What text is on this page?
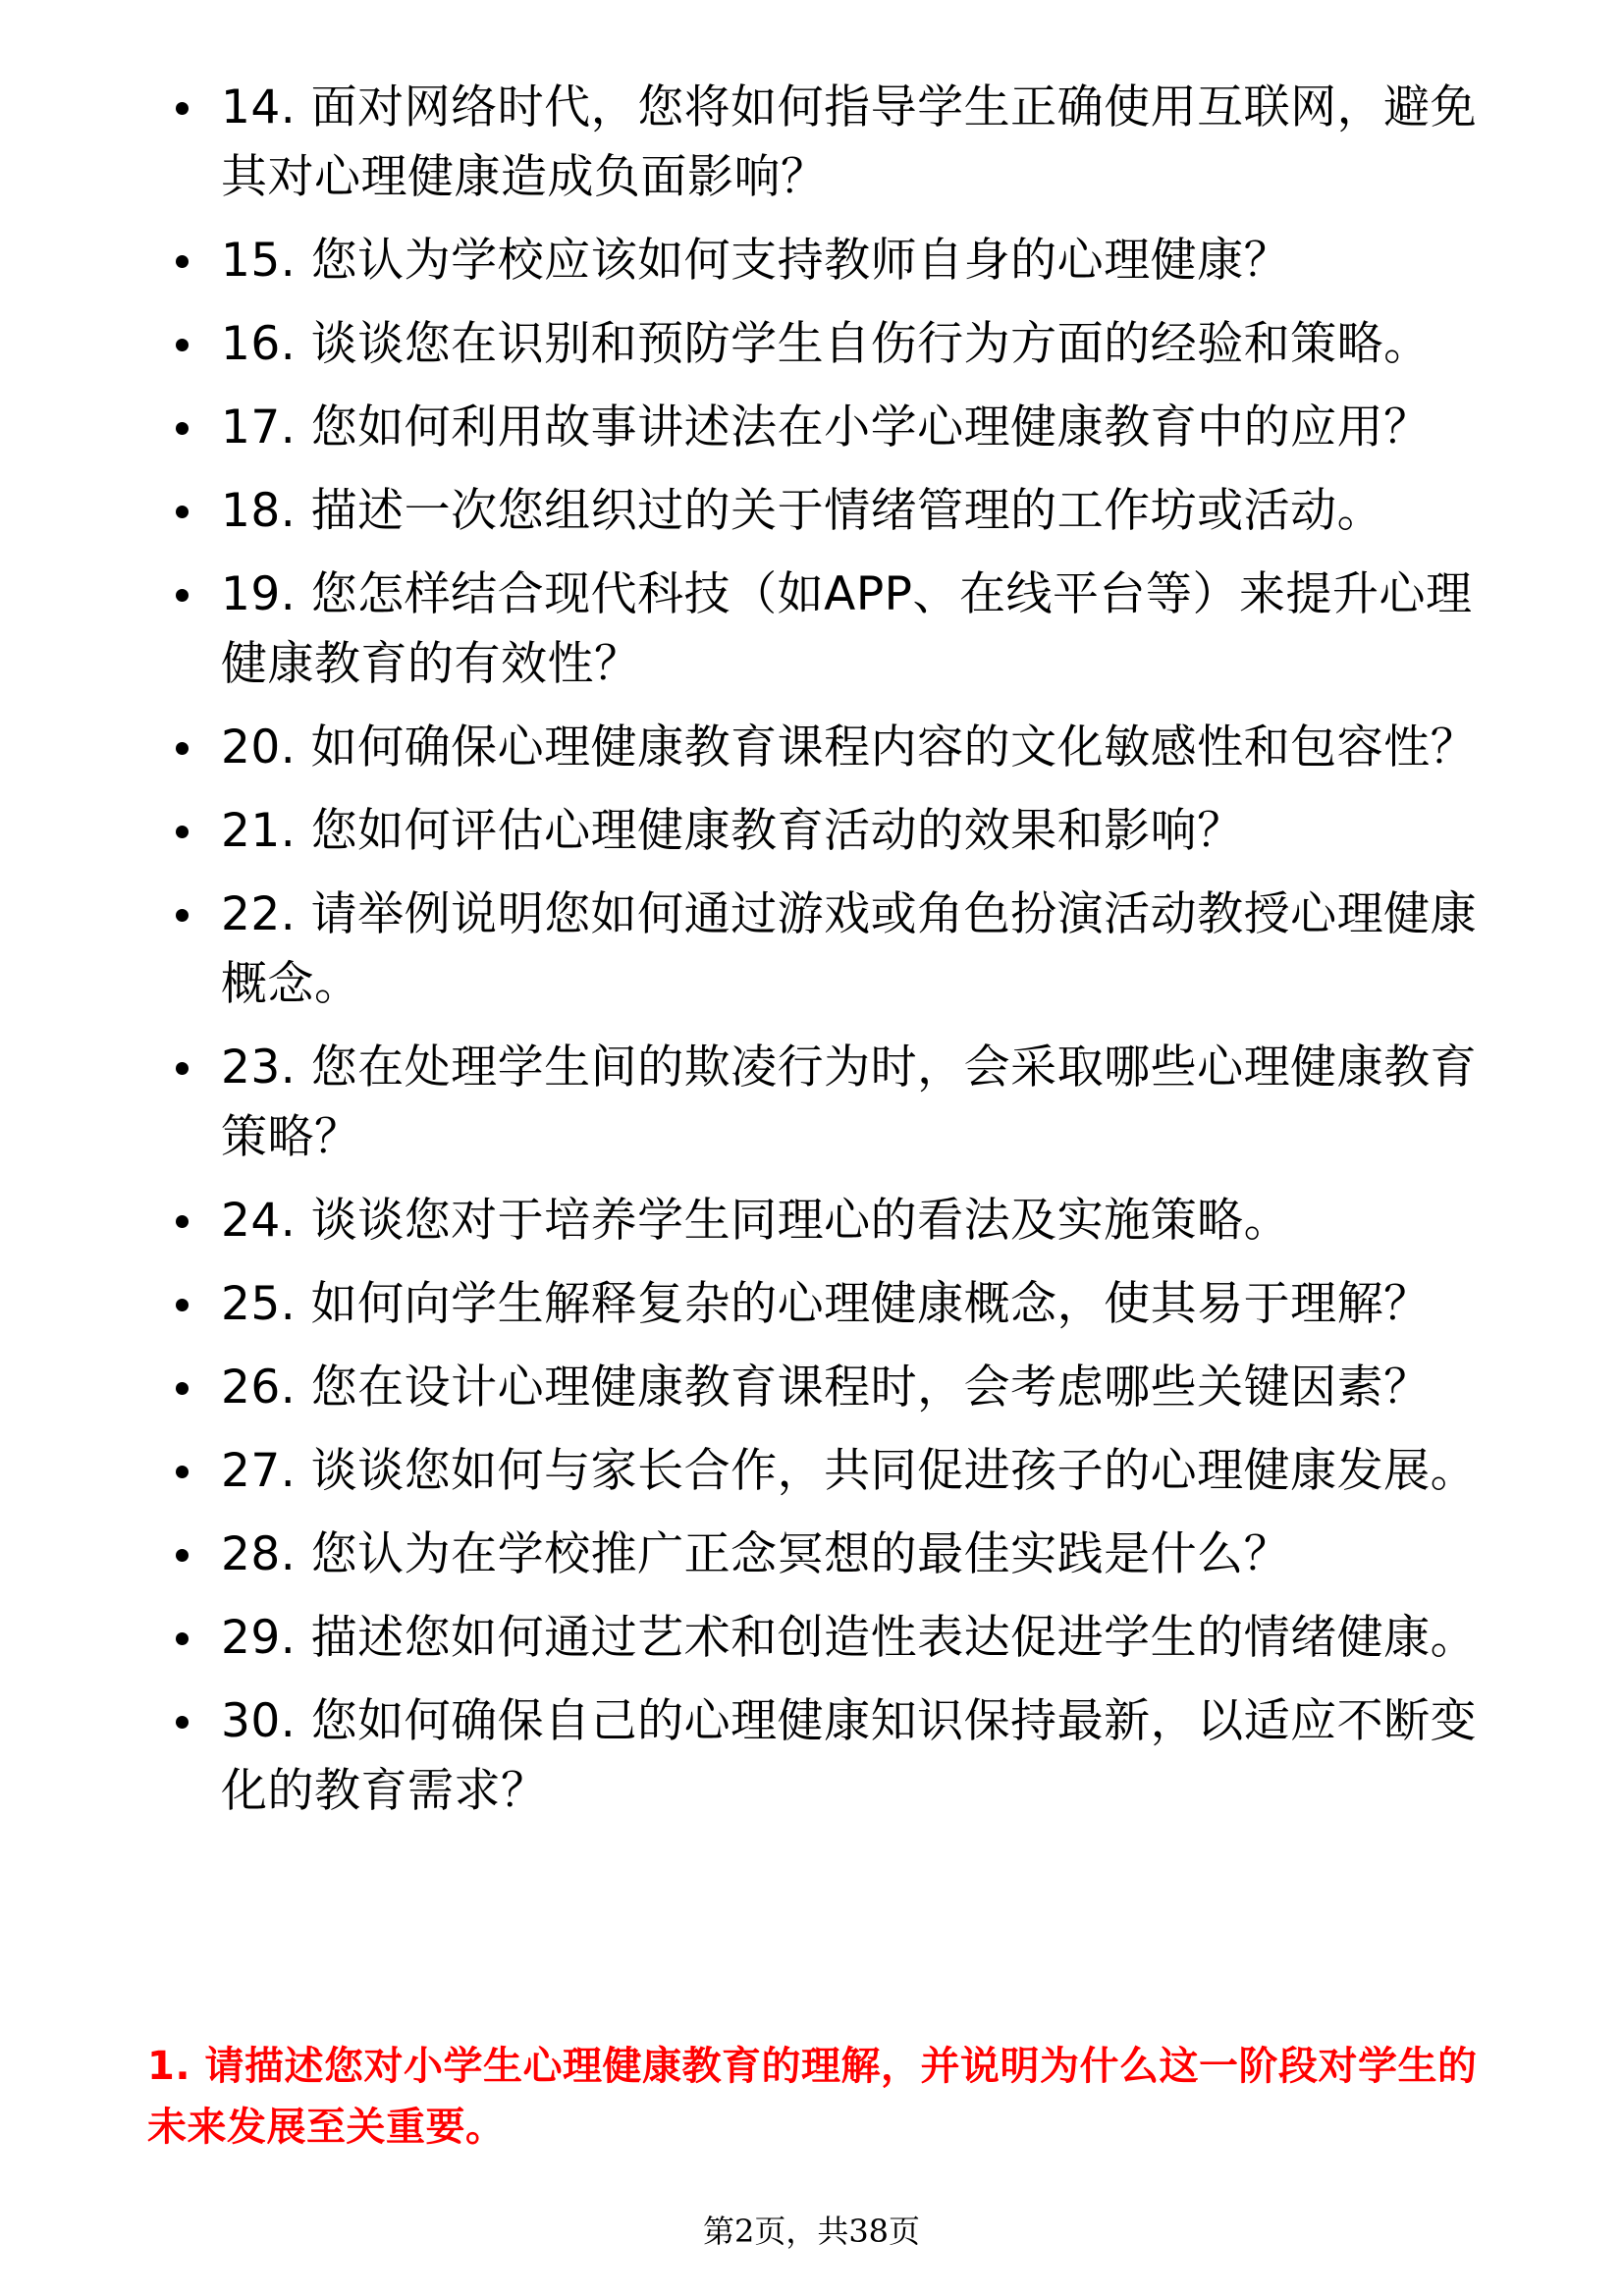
14. 面对网络时代，您将如何指导学生正确使用互联网，避免其对心理健康造成负面影响？
15. 您认为学校应该如何支持教师自身的心理健康？
16. 谈谈您在识别和预防学生自伤行为方面的经验和策略。
17. 您如何利用故事讲述法在小学心理健康教育中的应用？
18. 描述一次您组织过的关于情绪管理的工作坊或活动。
19. 您怎样结合现代科技（如APP、在线平台等）来提升心理健康教育的有效性？
20. 如何确保心理健康教育课程内容的文化敏感性和包容性？
21. 您如何评估心理健康教育活动的效果和影响？
22. 请举例说明您如何通过游戏或角色扮演活动教授心理健康概念。
23. 您在处理学生间的欺凌行为时，会采取哪些心理健康教育策略？
24. 谈谈您对于培养学生同理心的看法及实施策略。
25. 如何向学生解释复杂的心理健康概念，使其易于理解？
26. 您在设计心理健康教育课程时，会考虑哪些关键因素？
27. 谈谈您如何与家长合作，共同促进孩子的心理健康发展。
28. 您认为在学校推广正念冥想的最佳实践是什么？
29. 描述您如何通过艺术和创造性表达促进学生的情绪健康。
30. 您如何确保自己的心理健康知识保持最新，以适应不断变化的教育需求？
1. 请描述您对小学生心理健康教育的理解，并说明为什么这一阶段对学生的未来发展至关重要。
第2页，共38页
